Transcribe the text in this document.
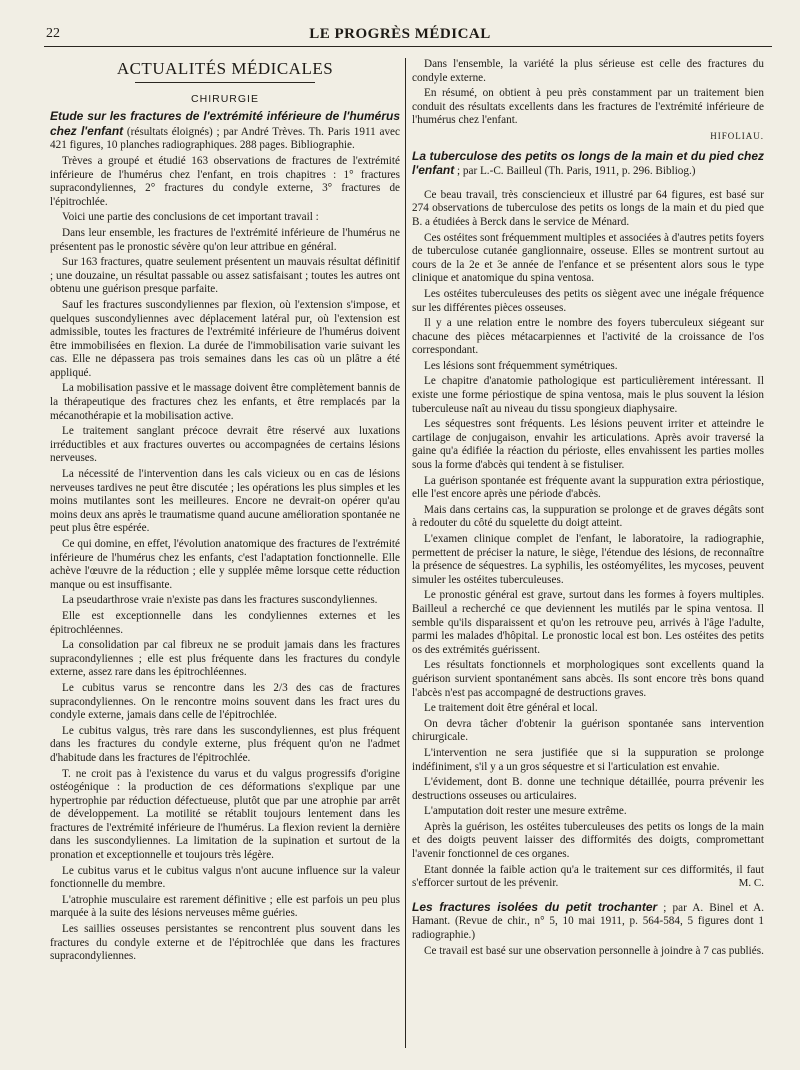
22	LE PROGRÈS MÉDICAL
ACTUALITÉS MÉDICALES
CHIRURGIE

Etude sur les fractures de l'extrémité inférieure de l'humérus chez l'enfant (résultats éloignés) ; par André Trèves. Th. Paris 1911 avec 421 figures, 10 planches radiographiques. 288 pages. Bibliographie.

Trèves a groupé et étudié 163 observations de fractures de l'extrémité inférieure de l'humérus chez l'enfant, en trois chapitres : 1° fractures supracondyliennes, 2° fractures du condyle externe, 3° fractures de l'épitrochlée.

Voici une partie des conclusions de cet important travail :

Dans leur ensemble, les fractures de l'extrémité inférieure de l'humérus ne présentent pas le pronostic sévère qu'on leur attribue en général.

Sur 163 fractures, quatre seulement présentent un mauvais résultat définitif ; une douzaine, un résultat passable ou assez satisfaisant ; toutes les autres ont obtenu une guérison presque parfaite.

Sauf les fractures suscondyliennes par flexion, où l'extension s'impose, et quelques suscondyliennes avec déplacement latéral pur, où l'extension est admissible, toutes les fractures de l'extrémité inférieure de l'humérus doivent être immobilisées en flexion. La durée de l'immobilisation varie suivant les cas. Elle ne dépassera pas trois semaines dans les cas où un plâtre a été appliqué.

La mobilisation passive et le massage doivent être complètement bannis de la thérapeutique des fractures chez les enfants, et être remplacés par la mécanothérapie et la mobilisation active.

Le traitement sanglant précoce devrait être réservé aux luxations irréductibles et aux fractures ouvertes ou accompagnées de certains lésions nerveuses.

La nécessité de l'intervention dans les cals vicieux ou en cas de lésions nerveuses tardives ne peut être discutée ; les opérations les plus simples et les moins mutilantes sont les meilleures. Encore ne devrait-on opérer qu'au moins deux ans après le traumatisme quand aucune amélioration spontanée ne peut plus être espérée.

Ce qui domine, en effet, l'évolution anatomique des fractures de l'extrémité inférieure de l'humérus chez les enfants, c'est l'adaptation fonctionnelle. Elle achève l'œuvre de la réduction ; elle y supplée même lorsque cette réduction manque ou est insuffisante.

La pseudarthrose vraie n'existe pas dans les fractures suscondyliennes.

Elle est exceptionnelle dans les condyliennes externes et les épitrochléennes.

La consolidation par cal fibreux ne se produit jamais dans les fractures supracondyliennes ; elle est plus fréquente dans les fractures du condyle externe, assez rare dans les épitrochléennes.

Le cubitus varus se rencontre dans les 2/3 des cas de fractures supracondyliennes. On le rencontre moins souvent dans les fract ures du condyle externe, jamais dans celle de l'épitrochlée.

Le cubitus valgus, très rare dans les suscondyliennes, est plus fréquent dans les fractures du condyle externe, plus fréquent qu'on ne l'admet d'habitude dans les fractures de l'épitrochlée.

T. ne croit pas à l'existence du varus et du valgus progressifs d'origine ostéogénique : la production de ces déformations s'explique par une hypertrophie par réduction défectueuse, plutôt que par une atrophie par arrêt de développement. La motilité se rétablit toujours lentement dans les fractures de l'extrémité inférieure de l'humérus. La flexion revient la dernière dans les suscondyliennes. La limitation de la supination et surtout de la pronation et exceptionnelle et toujours très légère.

Le cubitus varus et le cubitus valgus n'ont aucune influence sur la valeur fonctionnelle du membre.

L'atrophie musculaire est rarement définitive ; elle est parfois un peu plus marquée à la suite des lésions nerveuses même guéries.

Les saillies osseuses persistantes se rencontrent plus souvent dans les fractures du condyle externe et de l'épitrochlée que dans les fractures supracondyliennes.

Dans l'ensemble, la variété la plus sérieuse est celle des fractures du condyle externe.

En résumé, on obtient à peu près constamment par un traitement bien conduit des résultats excellents dans les fractures de l'extrémité inférieure de l'humérus chez l'enfant.

HIFOLIAU.

La tuberculose des petits os longs de la main et du pied chez l'enfant ; par L.-C. Bailleul (Th. Paris, 1911, p. 296. Bibliog.)

Ce beau travail, très consciencieux et illustré par 64 figures, est basé sur 274 observations de tuberculose des petits os longs de la main et du pied que B. a étudiées à Berck dans le service de Ménard.

Ces ostéites sont fréquemment multiples et associées à d'autres petits foyers de tuberculose cutanée ganglionnaire, osseuse. Elles se montrent surtout au cours de la 2e et 3e année de l'enfance et se présentent alors sous le type clinique et anatomique du spina ventosa.

Les ostéites tuberculeuses des petits os siègent avec une inégale fréquence sur les différentes pièces osseuses.

Il y a une relation entre le nombre des foyers tuberculeux siégeant sur chacune des pièces métacarpiennes et l'activité de la croissance de l'os correspondant.

Les lésions sont fréquemment symétriques.

Le chapitre d'anatomie pathologique est particulièrement intéressant. Il existe une forme périostique de spina ventosa, mais le plus souvent la lésion tuberculeuse naît au niveau du tissu spongieux diaphysaire.

Les séquestres sont fréquents. Les lésions peuvent irriter et atteindre le cartilage de conjugaison, envahir les articulations. Après avoir traversé la gaine qu'a édifiée la réaction du périoste, elles envahissent les parties molles sous la forme d'abcès qui tendent à se fistuliser.

La guérison spontanée est fréquente avant la suppuration extra périostique, elle l'est encore après une période d'abcès.

Mais dans certains cas, la suppuration se prolonge et de graves dégâts sont à redouter du côté du squelette du doigt atteint.

L'examen clinique complet de l'enfant, le laboratoire, la radiographie, permettent de préciser la nature, le siège, l'étendue des lésions, de reconnaître la présence de séquestres. La syphilis, les ostéomyélites, les mycoses, peuvent simuler les ostéites tuberculeuses.

Le pronostic général est grave, surtout dans les formes à foyers multiples. Bailleul a recherché ce que deviennent les mutilés par le spina ventosa. Il semble qu'ils disparaissent et qu'on les retrouve peu, arrivés à l'âge l'adulte, parmi les malades d'hôpital. Le pronostic local est bon. Les ostéites des petits os des extrémités guérissent.

Les résultats fonctionnels et morphologiques sont excellents quand la guérison survient spontanément sans abcès. Ils sont encore très bons quand l'abcès n'est pas accompagné de destructions graves.

Le traitement doit être général et local.

On devra tâcher d'obtenir la guérison spontanée sans intervention chirurgicale.

L'intervention ne sera justifiée que si la suppuration se prolonge indéfiniment, s'il y a un gros séquestre et si l'articulation est envahie.

L'évidement, dont B. donne une technique détaillée, pourra prévenir les destructions osseuses ou articulaires.

L'amputation doit rester une mesure extrême.

Après la guérison, les ostéites tuberculeuses des petits os longs de la main et des doigts peuvent laisser des difformités des doigts, compromettant l'avenir fonctionnel de ces organes.

Etant donnée la faible action qu'a le traitement sur ces difformités, il faut s'efforcer surtout de les prévenir.	M. C.

Les fractures isolées du petit trochanter ; par A. Binel et A. Hamant. (Revue de chir., n° 5, 10 mai 1911, p. 564-584, 5 figures dont 1 radiographie.)

Ce travail est basé sur une observation personnelle à joindre à 7 cas publiés.
